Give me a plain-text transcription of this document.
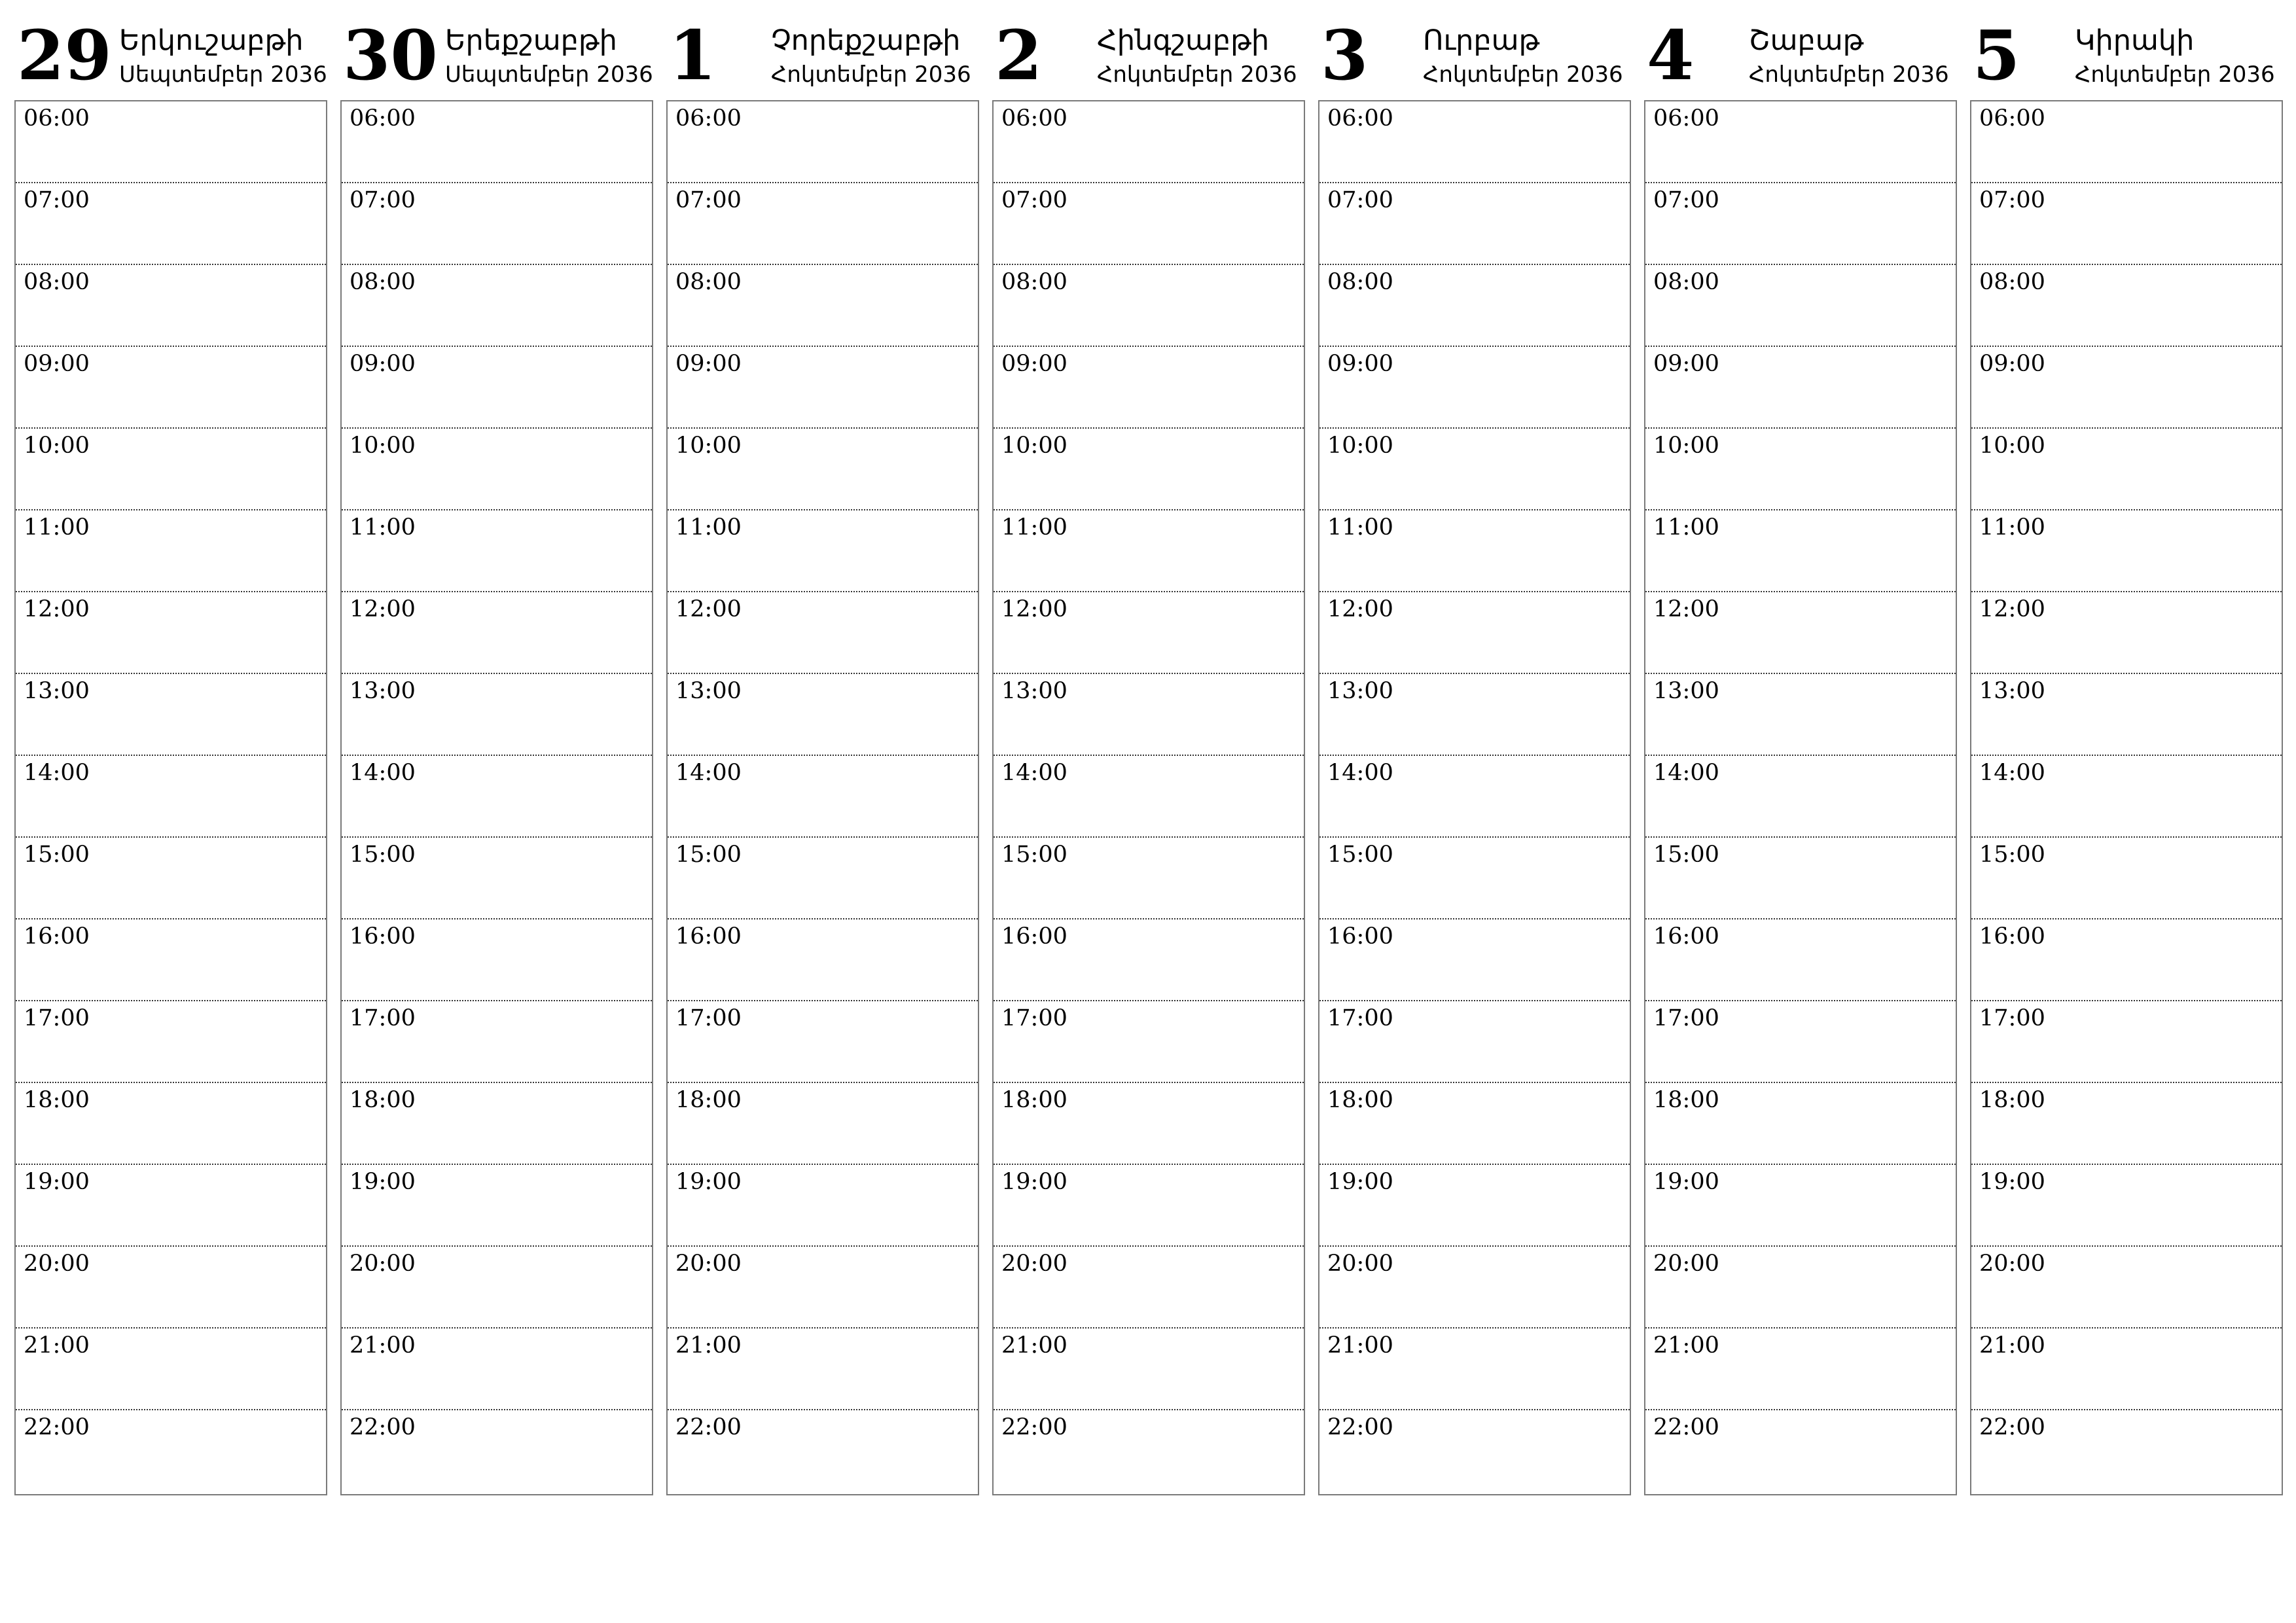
29 Երկուշաբթի
Սեպտեմբեր 2036
06:00
07:00
08:00
09:00
10:00
11:00
12:00
13:00
14:00
15:00
16:00
17:00
18:00
19:00
20:00
21:00
22:00
30 Երեքշաբթի
Սեպտեմբեր 2036
06:00
07:00
08:00
09:00
10:00
11:00
12:00
13:00
14:00
15:00
16:00
17:00
18:00
19:00
20:00
21:00
22:00
1 Չորեքշաբթի
Հոկտեմբեր 2036
06:00
07:00
08:00
09:00
10:00
11:00
12:00
13:00
14:00
15:00
16:00
17:00
18:00
19:00
20:00
21:00
22:00
2 Հինգշաբթի
Հոկտեմբեր 2036
06:00
07:00
08:00
09:00
10:00
11:00
12:00
13:00
14:00
15:00
16:00
17:00
18:00
19:00
20:00
21:00
22:00
3 Ուրբաթ
Հոկտեմբեր 2036
06:00
07:00
08:00
09:00
10:00
11:00
12:00
13:00
14:00
15:00
16:00
17:00
18:00
19:00
20:00
21:00
22:00
4 Շաբաթ
Հոկտեմբեր 2036
06:00
07:00
08:00
09:00
10:00
11:00
12:00
13:00
14:00
15:00
16:00
17:00
18:00
19:00
20:00
21:00
22:00
5 Կիրակի
Հոկտեմբեր 2036
06:00
07:00
08:00
09:00
10:00
11:00
12:00
13:00
14:00
15:00
16:00
17:00
18:00
19:00
20:00
21:00
22:00
